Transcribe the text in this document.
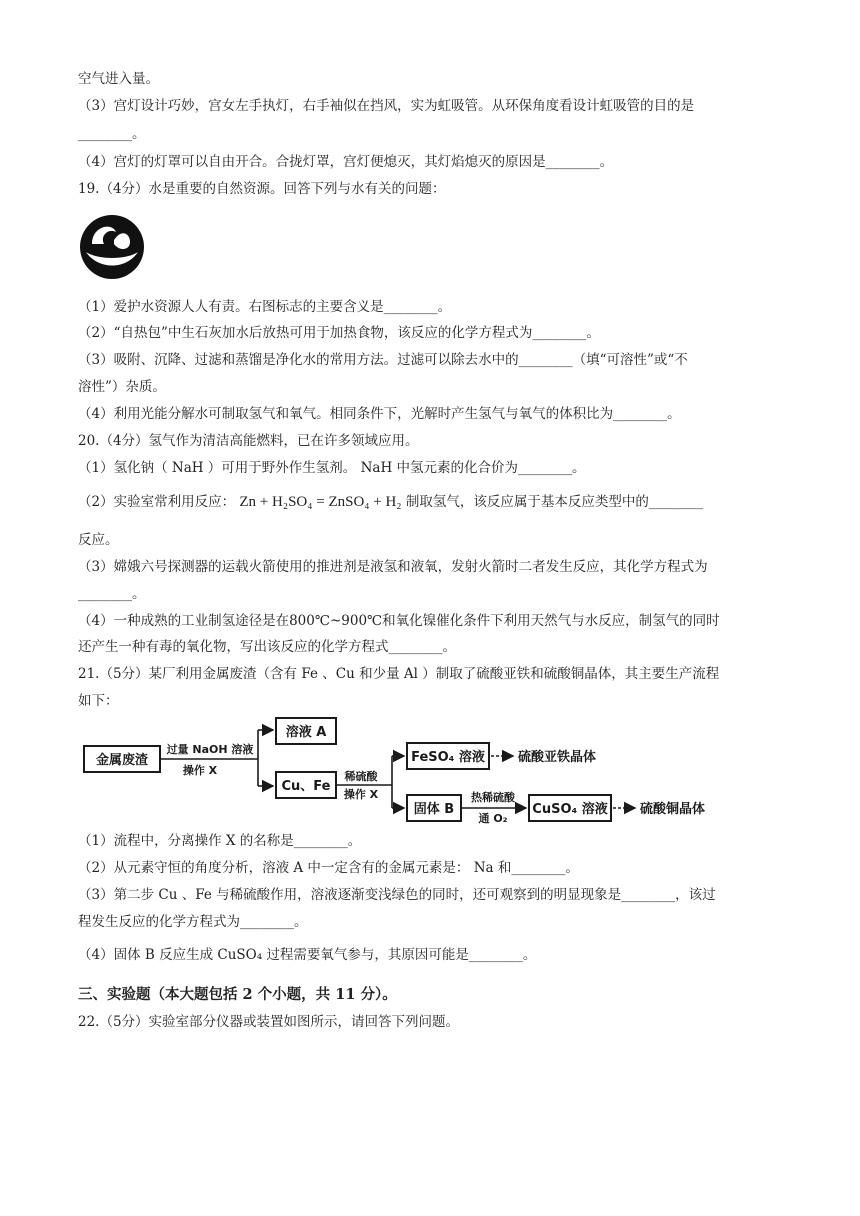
空气进入量。
（3）宫灯设计巧妙，宫女左手执灯，右手袖似在挡风，实为虹吸管。从环保角度看设计虹吸管的目的是
________。
（4）宫灯的灯罩可以自由开合。合拢灯罩，宫灯便熄灭，其灯焰熄灭的原因是________。
19.（4分）水是重要的自然资源。回答下列与水有关的问题：
（1）爱护水资源人人有责。右图标志的主要含义是________。
（2）“自热包”中生石灰加水后放热可用于加热食物，该反应的化学方程式为________。
（3）吸附、沉降、过滤和蒸馏是净化水的常用方法。过滤可以除去水中的________（填“可溶性”或“不
溶性”）杂质。
（4）利用光能分解水可制取氢气和氧气。相同条件下，光解时产生氢气与氧气的体积比为________。
20.（4分）氢气作为清洁高能燃料，已在许多领域应用。
（1）氢化钠（ NaH ）可用于野外作生氢剂。 NaH 中氢元素的化合价为________。
（2）实验室常利用反应： Zn + H₂SO₄ = ZnSO₄ + H₂ 制取氢气，该反应属于基本反应类型中的________
反应。
（3）嫦娥六号探测器的运载火箭使用的推进剂是液氢和液氧，发射火箭时二者发生反应，其化学方程式为
________。
（4）一种成熟的工业制氢途径是在800℃~900℃和氧化镍催化条件下利用天然气与水反应，制氢气的同时
还产生一种有毒的氧化物，写出该反应的化学方程式________。
21.（5分）某厂利用金属废渣（含有 Fe 、Cu 和少量 Al ）制取了硫酸亚铁和硫酸铜晶体，其主要生产流程
如下：
金属废渣
过量 NaOH 溶液
操作 X
溶液 A
Cu、Fe
稀硫酸
操作 X
FeSO₄ 溶液	硫酸亚铁晶体
固体 B
热稀硫酸
通 O₂
CuSO₄ 溶液 硫酸铜晶体
（1）流程中，分离操作 X 的名称是________。
（2）从元素守恒的角度分析，溶液 A 中一定含有的金属元素是： Na 和________。
（3）第二步 Cu 、Fe 与稀硫酸作用，溶液逐渐变浅绿色的同时，还可观察到的明显现象是________，该过
程发生反应的化学方程式为________。
（4）固体 B 反应生成 CuSO₄ 过程需要氧气参与，其原因可能是________。
三、实验题（本大题包括 2 个小题，共 11 分）。
22.（5分）实验室部分仪器或装置如图所示，请回答下列问题。
